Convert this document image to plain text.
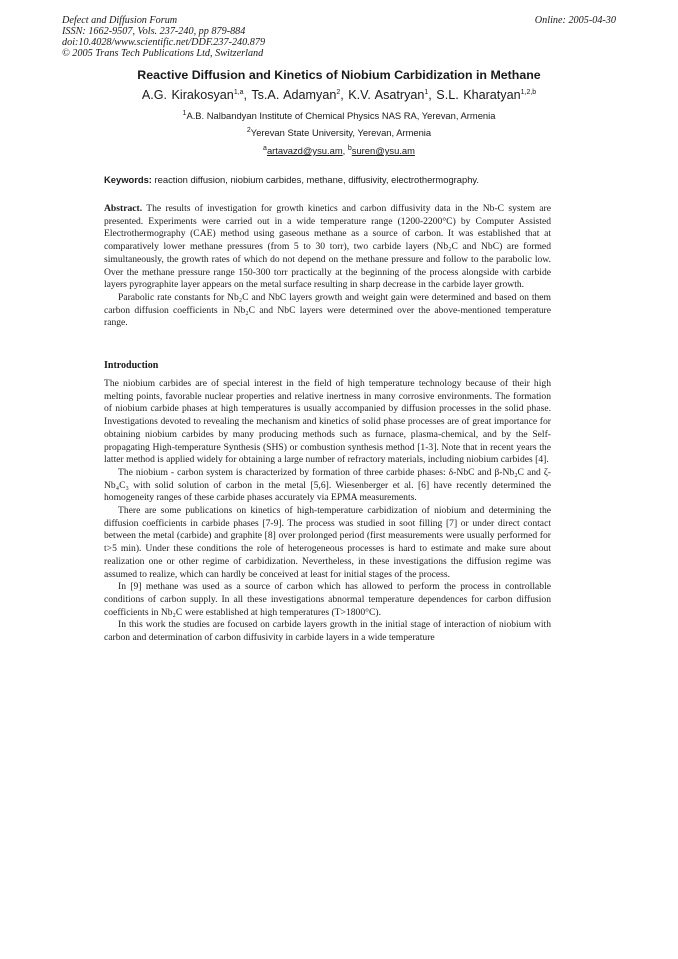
Defect and Diffusion Forum
ISSN: 1662-9507, Vols. 237-240, pp 879-884
doi:10.4028/www.scientific.net/DDF.237-240.879
© 2005 Trans Tech Publications Ltd, Switzerland
Online: 2005-04-30
Reactive Diffusion and Kinetics of Niobium Carbidization in Methane
A.G. Kirakosyan$^{1,a}$, Ts.A. Adamyan$^2$, K.V. Asatryan$^1$, S.L. Kharatyan$^{1,2,b}$
$^1$A.B. Nalbandyan Institute of Chemical Physics NAS RA, Yerevan, Armenia
$^2$Yerevan State University, Yerevan, Armenia
$^a$artavazd@ysu.am, $^b$suren@ysu.am
Keywords: reaction diffusion, niobium carbides, methane, diffusivity, electrothermography.

Abstract. The results of investigation for growth kinetics and carbon diffusivity data in the Nb-C system are presented. Experiments were carried out in a wide temperature range (1200-2200°C) by Computer Assisted Electrothermography (CAE) method using gaseous methane as a source of carbon. It was established that at comparatively lower methane pressures (from 5 to 30 torr), two carbide layers (Nb₂C and NbC) are formed simultaneously, the growth rates of which do not depend on the methane pressure and follow to the parabolic low. Over the methane pressure range 150-300 torr practically at the beginning of the process alongside with carbide layers pyrographite layer appears on the metal surface resulting in sharp decrease in the carbide layer growth.

Parabolic rate constants for Nb₂C and NbC layers growth and weight gain were determined and based on them carbon diffusion coefficients in Nb₂C and NbC layers were determined over the above-mentioned temperature range.

Introduction

The niobium carbides are of special interest in the field of high temperature technology because of their high melting points, favorable nuclear properties and relative inertness in many corrosive environments. The formation of niobium carbide phases at high temperatures is usually accompanied by diffusion processes in the solid phase. Investigations devoted to revealing the mechanism and kinetics of solid phase processes are of great importance for obtaining niobium carbides by many producing methods such as furnace, plasma-chemical, and by the Self-propagating High-temperature Synthesis (SHS) or combustion synthesis method [1-3]. Note that in recent years the latter method is applied widely for obtaining a large number of refractory materials, including niobium carbides [4].

The niobium - carbon system is characterized by formation of three carbide phases: δ-NbC and β-Nb₂C and ζ-Nb₄C₃ with solid solution of carbon in the metal [5,6]. Wiesenberger et al. [6] have recently determined the homogeneity ranges of these carbide phases accurately via EPMA measurements.

There are some publications on kinetics of high-temperature carbidization of niobium and determining the diffusion coefficients in carbide phases [7-9]. The process was studied in soot filling [7] or under direct contact between the metal (carbide) and graphite [8] over prolonged period (first measurements were usually performed for t>5 min). Under these conditions the role of heterogeneous processes is hard to estimate and make sure about realization one or other regime of carbidization. Nevertheless, in these investigations the diffusion regime was assumed to realize, which can hardly be conceived at least for initial stages of the process.

In [9] methane was used as a source of carbon which has allowed to perform the process in controllable conditions of carbon supply. In all these investigations abnormal temperature dependences for carbon diffusion coefficients in Nb₂C were established at high temperatures (T>1800°C).

In this work the studies are focused on carbide layers growth in the initial stage of interaction of niobium with carbon and determination of carbon diffusivity in carbide layers in a wide temperature
